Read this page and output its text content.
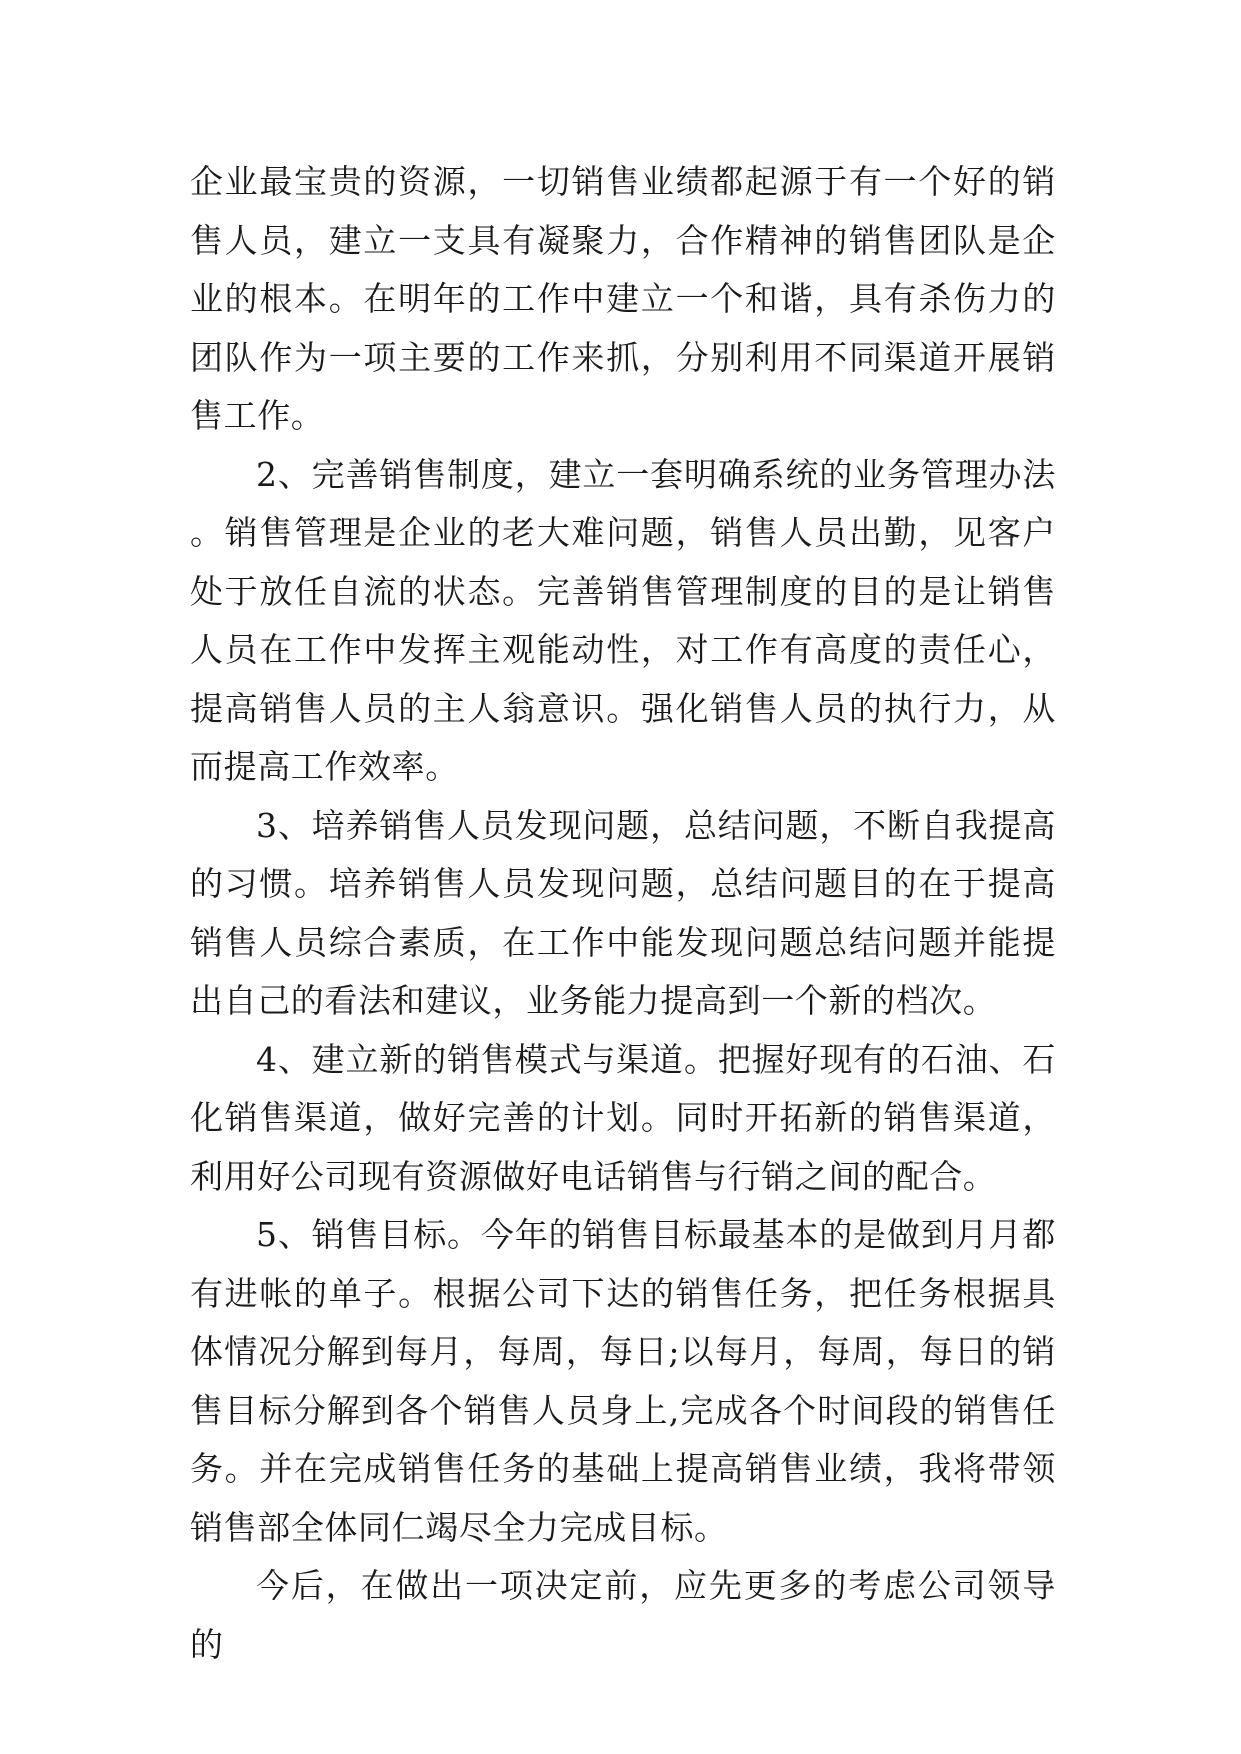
企业最宝贵的资源，一切销售业绩都起源于有一个好的销售人员，建立一支具有凝聚力，合作精神的销售团队是企业的根本。在明年的工作中建立一个和谐，具有杀伤力的团队作为一项主要的工作来抓，分别利用不同渠道开展销售工作。

2、完善销售制度，建立一套明确系统的业务管理办法。销售管理是企业的老大难问题，销售人员出勤，见客户处于放任自流的状态。完善销售管理制度的目的是让销售人员在工作中发挥主观能动性，对工作有高度的责任心，提高销售人员的主人翁意识。强化销售人员的执行力，从而提高工作效率。

3、培养销售人员发现问题，总结问题，不断自我提高的习惯。培养销售人员发现问题，总结问题目的在于提高销售人员综合素质，在工作中能发现问题总结问题并能提出自己的看法和建议，业务能力提高到一个新的档次。

4、建立新的销售模式与渠道。把握好现有的石油、石化销售渠道，做好完善的计划。同时开拓新的销售渠道，利用好公司现有资源做好电话销售与行销之间的配合。

5、销售目标。今年的销售目标最基本的是做到月月都有进帐的单子。根据公司下达的销售任务，把任务根据具体情况分解到每月，每周，每日;以每月，每周，每日的销售目标分解到各个销售人员身上,完成各个时间段的销售任务。并在完成销售任务的基础上提高销售业绩，我将带领销售部全体同仁竭尽全力完成目标。

今后，在做出一项决定前，应先更多的考虑公司领导的
